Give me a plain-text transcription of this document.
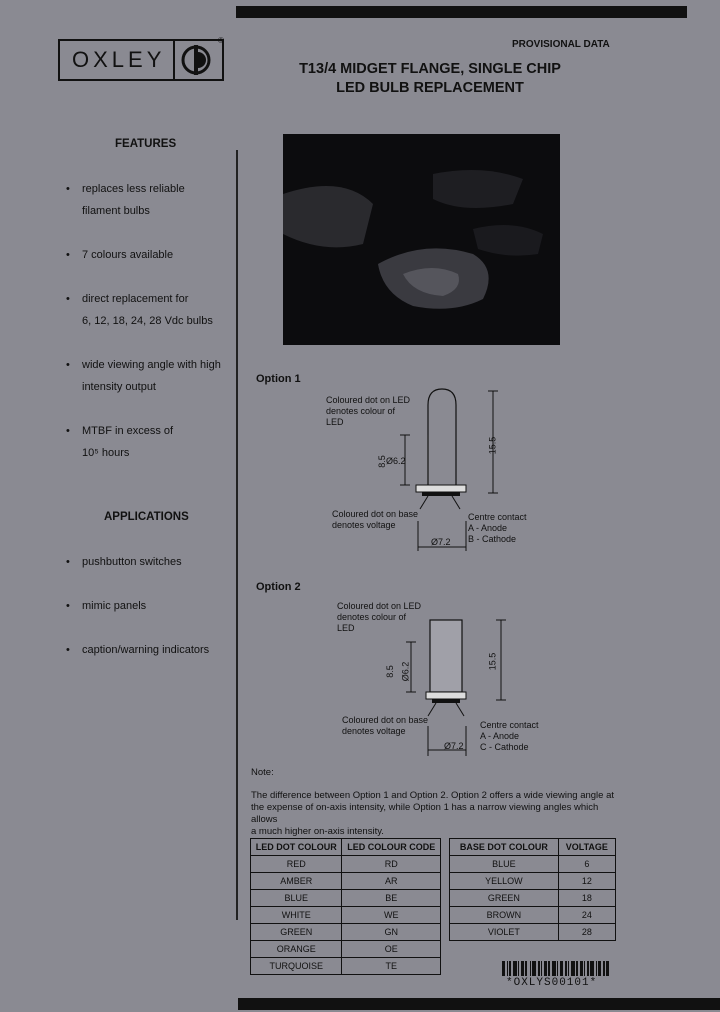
OXLEY
®	PROVISIONAL DATA
T13/4 MIDGET FLANGE, SINGLE CHIP
LED BULB REPLACEMENT
FEATURES
• replaces less reliable
filament bulbs
• 7 colours available
• direct replacement for
6, 12, 18, 24, 28 Vdc bulbs
• wide viewing angle with high
intensity output
• MTBF in excess of
10⁵ hours
APPLICATIONS
• pushbutton switches
• mimic panels
• caption/warning indicators
Option 1
Coloured dot on LED
denotes colour of
LED
8.5 Ø6.2
15.5
Coloured dot on base
denotes voltage
Centre contact
A - Anode
B - Cathode
Ø7.2
Option 2
Coloured dot on LED
denotes colour of
LED
8.5 Ø6.2
15.5
Coloured dot on base
denotes voltage
Centre contact
A - Anode
C - Cathode
Ø7.2
Note:
The difference between Option 1 and Option 2. Option 2 offers a wide viewing angle at
the expense of on-axis intensity, while Option 1 has a narrow viewing angles which allows
a much higher on-axis intensity.
LED DOT COLOUR	LED COLOUR CODE
RED	RD
AMBER	AR
BLUE	BE
WHITE	WE
GREEN	GN
ORANGE	OE
TURQUOISE	TE
BASE DOT COLOUR	VOLTAGE
BLUE	6
YELLOW	12
GREEN	18
BROWN	24
VIOLET	28
*OXLYS00101*
